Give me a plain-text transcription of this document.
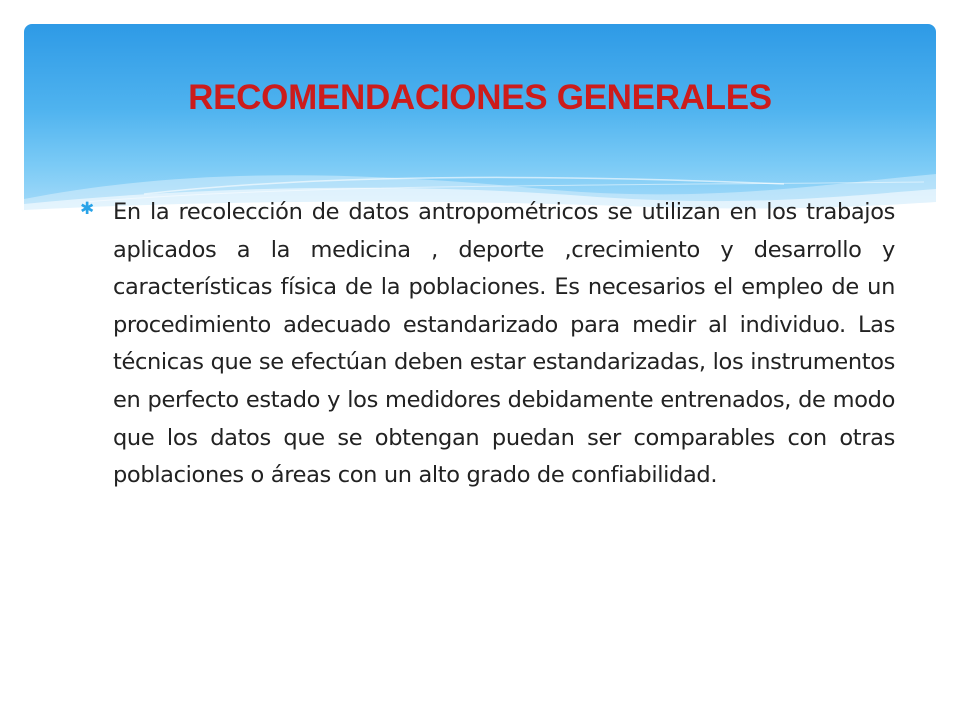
RECOMENDACIONES GENERALES
✱ En la recolección de datos antropométricos se utilizan en los trabajos aplicados a la medicina , deporte ,crecimiento y desarrollo y características física de la poblaciones. Es necesarios el empleo de un procedimiento adecuado estandarizado para medir al individuo. Las técnicas que se efectúan deben estar estandarizadas, los instrumentos en perfecto estado y los medidores debidamente entrenados, de modo que los datos que se obtengan puedan ser comparables con otras poblaciones o áreas con un alto grado de confiabilidad.
